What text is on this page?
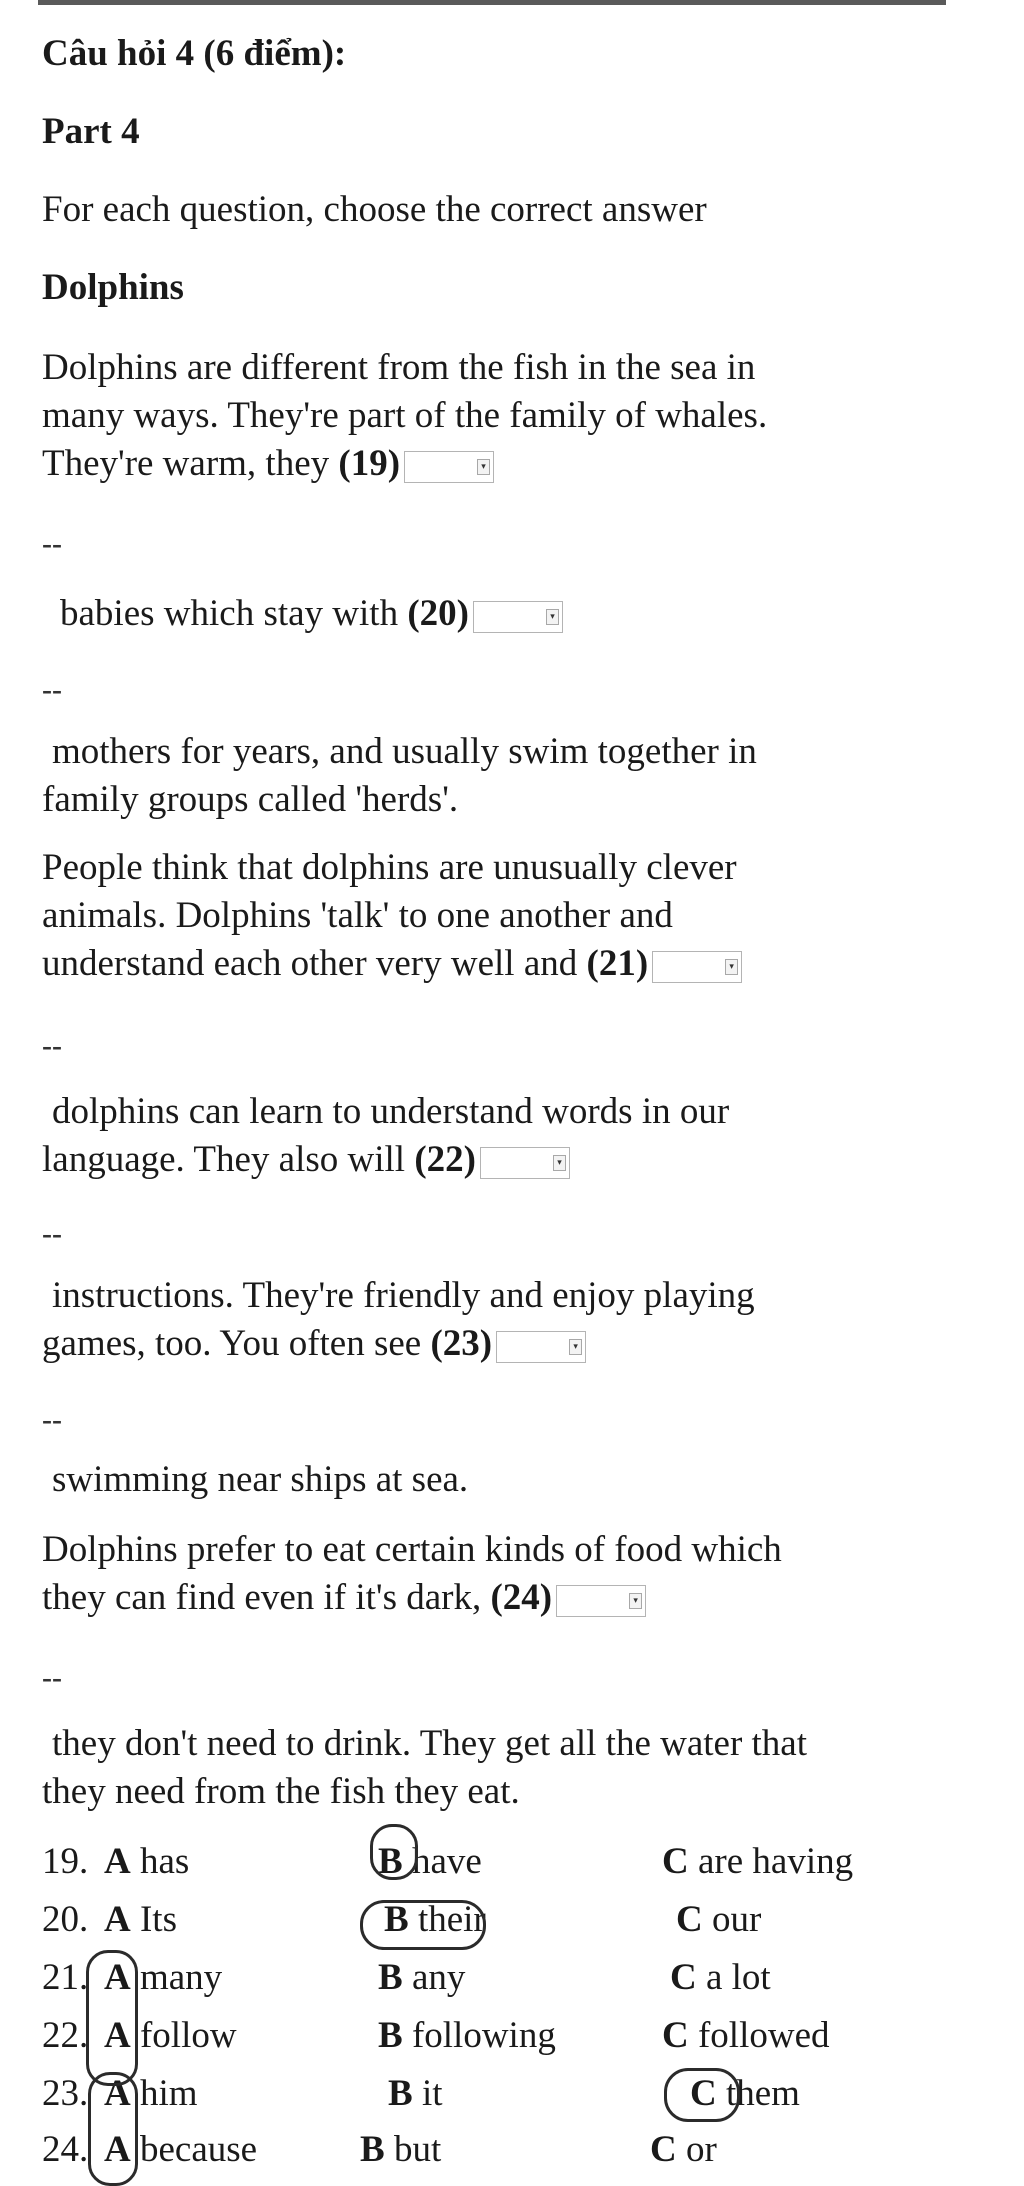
Câu hỏi 4 (6 điểm):
Part 4
For each question, choose the correct answer
Dolphins
Dolphins are different from the fish in the sea in
many ways. They're part of the family of whales.
They're warm, they (19)	▾
--
babies which stay with (20)	▾
--
mothers for years, and usually swim together in
family groups called 'herds'.
People think that dolphins are unusually clever
animals. Dolphins 'talk' to one another and
understand each other very well and (21)	▾
--
dolphins can learn to understand words in our
language. They also will (22)	▾
--
instructions. They're friendly and enjoy playing
games, too. You often see (23)	▾
--
swimming near ships at sea.
Dolphins prefer to eat certain kinds of food which
they can find even if it's dark, (24)	▾
--
they don't need to drink. They get all the water that
they need from the fish they eat.
19. A has	B have	C are having
20. A Its	B their	C our
21. A many	B any	C a lot
22. A follow	B following	C followed
23. A him	B it	C them
24. A because	B but	C or
